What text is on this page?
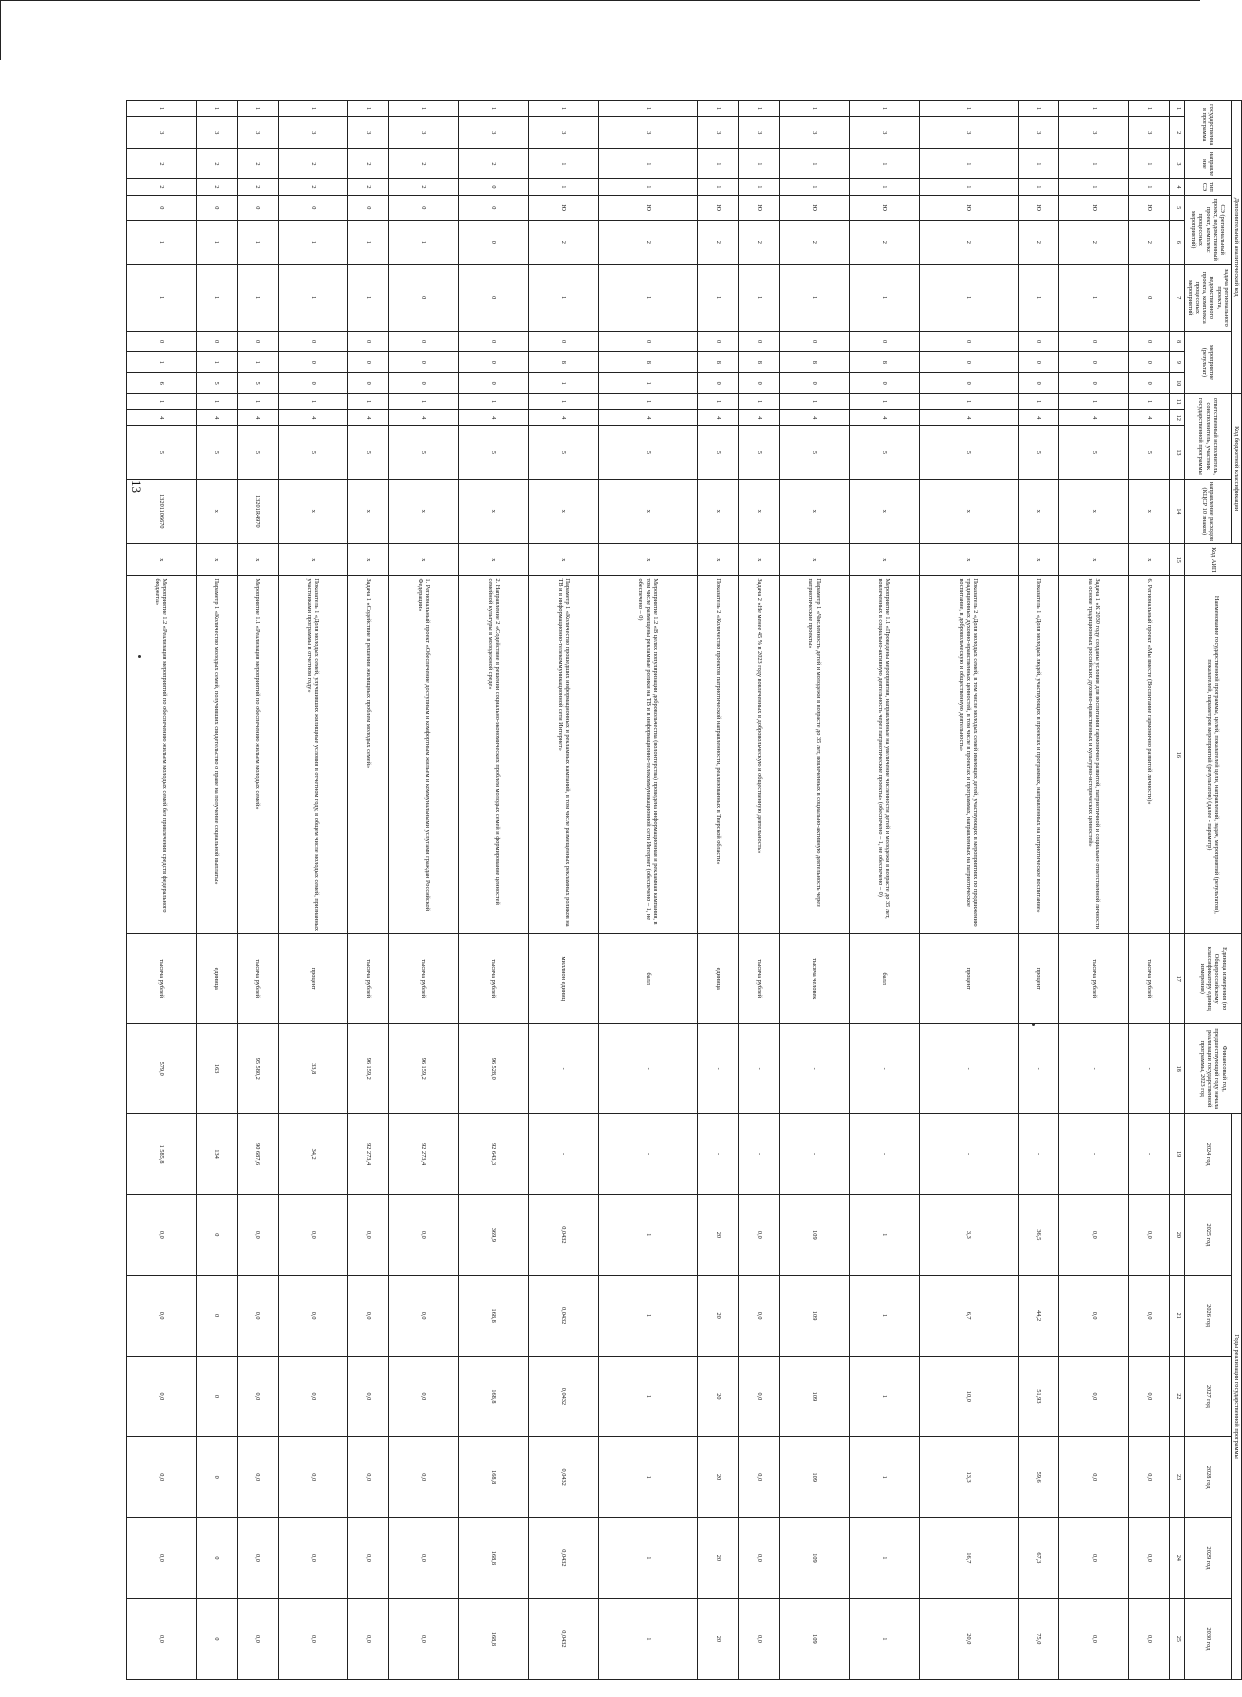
13
Дополнительный аналитический код										Код бюджетной классификации				Код АИП	Наименование государственной программы, целей, показателей цели, направлений, задач, мероприятий (результатов), показателей, параметров мероприятий (результатов) (далее - параметр)	Единица измерения (по Общероссийскому классификатору единиц измерения)	Финансовый год, предшествующий году начала реализации государственной программы, 2023 год	Годы реализации государственной программы						
государственная программа		направление	тип СЭ	СЭ (региональный проект, ведомственный проект, комплекс процессных мероприятий)		задача регионального проекта, ведомственного проекта, комплекса процессных мероприятий	мероприятие (результат)			ответственный исполнитель, соисполнитель, участник государственной программы			направление расходов (КЦСР 10 знаков)					2024 год	2025 год	2026 год	2027 год	2028 год	2029 год	2030 год

1	2	3	4	5	6	7	8	9	10	11	12	13	14	15	16	17	18	19	20	21	22	23	24	25
1	3	1	1	Ю	2	0	0	0	0	1	4	5	x	x	6. Региональный проект «Мы вместе (Воспитание гармонично развитой личности)»	тысяча рублей	-	-	0,0	0,0	0,0	0,0	0,0	0,0
1	3	1	1	Ю	2	1	0	0	0	1	4	5	x	x	Задача 1 «К 2030 году созданы условия для воспитания гармонично развитой, патриотичной и социально ответственной личности на основе традиционных российских духовно-нравственных и культурно-исторических ценностей»	тысяча рублей	-	-	0,0	0,0	0,0	0,0	0,0	0,0
1	3	1	1	Ю	2	1	0	0	0	1	4	5	x	x	Показатель 1 «Доля молодых людей, участвующих в проектах и программах, направленных на патриотическое воспитание»	процент	-	-	36,5	44,2	51,93	59,6	67,3	75,0
1	3	1	1	Ю	2	1	0	0	0	1	4	5	x	x	Показатель 2 «Доля молодых семей, в том числе молодых семей имеющих детей, участвующих в мероприятиях по продвижению традиционных духовно-нравственных ценностей, в том числе в проектах и программах, направленных на патриотическое воспитание, в добровольческую и общественную деятельность»	процент	-	-	3,3	6,7	10,0	13,3	16,7	20,0
1	3	1	1	Ю	2	1	0	8	0	1	4	5	x	x	Мероприятие 1.1 «Проведены мероприятия, направленные на увеличение численности детей и молодежи в возрасте до 35 лет, вовлеченных в социально-активную деятельность через патриотические проекты» (обеспечено – 1, не обеспечено – 0)	балл	-	-	1	1	1	1	1	1
1	3	1	1	Ю	2	1	0	8	0	1	4	5	x	x	Параметр 1 «Численность детей и молодежи в возрасте до 35 лет, вовлеченных в социально-активную деятельность через патриотические проекты»	тысяча человек	-	-	109	109	109	109	109	109
1	3	1	1	Ю	2	1	0	8	0	1	4	5	x	x	Задача 2 «Не менее 45 % в 2023 году вовлеченных в добровольческую и общественную деятельность»	тысяча рублей	-	-	0,0	0,0	0,0	0,0	0,0	0,0
1	3	1	1	Ю	2	1	0	8	0	1	4	5	x	x	Показатель 2 «Количество проектов патриотической направленности, реализованных в Тверской области»	единица	-	-	20	20	20	20	20	20
1	3	1	1	Ю	2	1	0	8	1	1	4	5	x	x	Мероприятие 1.2 «В целях популяризации добровольчества (волонтерства) проведена информационная и рекламная кампания, в том числе размещены рекламные ролики на ТВ и в информационно-телекоммуникационной сети Интернет (обеспечено – 1, не обеспечено – 0)	балл	-	-	1	1	1	1	1	1
1	3	1	1	Ю	2	1	0	8	1	1	4	5	x	x	Параметр 1 «Количество прошедших информационных и рекламных кампаний, в том числе размещенных рекламных роликов на ТВ и в информационно-телекоммуникационной сети Интернет»	миллион единиц	-	-	0,0432	0,0432	0,0432	0,0432	0,0432	0,0432
1	3	2	0	0	0	0	0	0	0	1	4	5	x	x	2. Направление 2 «Содействие в решении социально-экономических проблем молодых семей и формирование ценностей семейной культуры в молодежной среде»	тысяча рублей	96 528,0	92 643,3	369,9	168,8	168,8	168,8	168,8	168,8
1	3	2	2	0	1	0	0	0	0	1	4	5	x	x	1. Региональный проект «Обеспечение доступным и комфортным жильем и коммунальными услугами граждан Российской Федерации»	тысяча рублей	96 159,2	92 273,4	0,0	0,0	0,0	0,0	0,0	0,0
1	3	2	2	0	1	1	0	0	0	1	4	5	x	x	Задача 1 «Содействие в решении жилищных проблем молодых семей»	тысяча рублей	96 159,2	92 273,4	0,0	0,0	0,0	0,0	0,0	0,0
1	3	2	2	0	1	1	0	0	0	1	4	5	x	x	Показатель 1 «Доля молодых семей, улучшивших жилищные условия в отчетном году, в общем числе молодых семей, признанных участниками программы в отчетном году»	процент	33,8	34,2	0,0	0,0	0,0	0,0	0,0	0,0
1	3	2	2	0	1	1	0	1	5	1	4	5	13201R4970	x	Мероприятие 1.1 «Реализация мероприятий по обеспечению жильем молодых семей»	тысяча рублей	95 580,2	90 687,6	0,0	0,0	0,0	0,0	0,0	0,0
1	3	2	2	0	1	1	0	1	5	1	4	5	x	x	Параметр 1 «Количество молодых семей, получивших свидетельство о праве на получение социальной выплаты»	единица	163	134	0	0	0	0	0	0
1	3	2	2	0	1	1	0	1	6	1	4	5	13201106670	x	Мероприятие 1.2 «Реализация мероприятий по обеспечению жильем молодых семей без привлечения средств федерального бюджета»	тысяча рублей	579,0	1 585,8	0,0	0,0	0,0	0,0	0,0	0,0
